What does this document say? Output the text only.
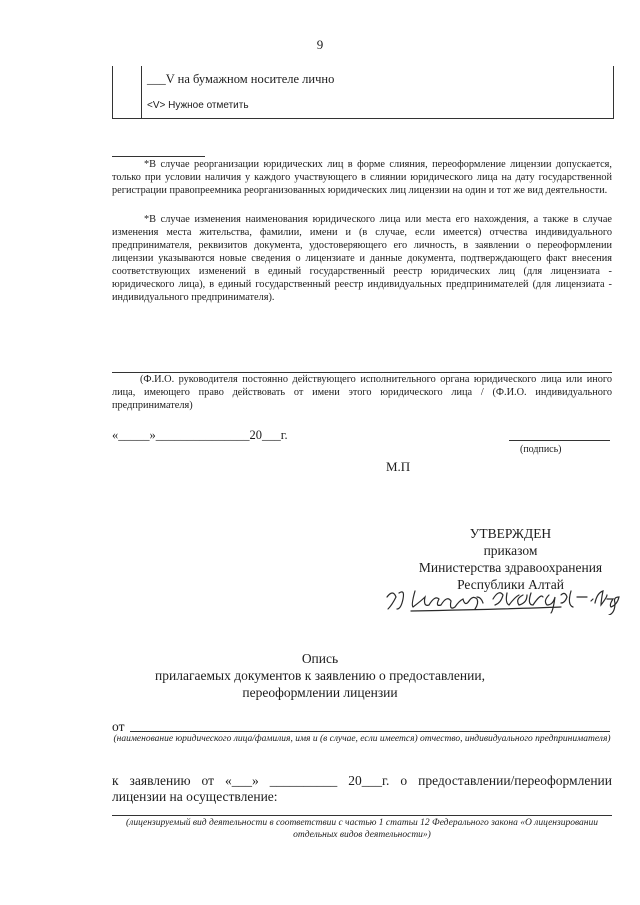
9
___V на бумажном носителе лично
<V> Нужное отметить
*В случае реорганизации юридических лиц в форме слияния, переоформление лицензии допускается, только при условии наличия у каждого участвующего в слиянии юридического лица на дату государственной регистрации правопреемника реорганизованных юридических лиц лицензии на один и тот же вид деятельности.
*В случае изменения наименования юридического лица или места его нахождения, а также в случае изменения места жительства, фамилии, имени и (в случае, если имеется) отчества индивидуального предпринимателя, реквизитов документа, удостоверяющего его личность, в заявлении о переоформлении лицензии указываются новые сведения о лицензиате и данные документа, подтверждающего факт внесения соответствующих изменений в единый государственный реестр юридических лиц (для лицензиата - юридического лица), в единый государственный реестр индивидуальных предпринимателей (для лицензиата - индивидуального предпринимателя).
(Ф.И.О. руководителя постоянно действующего исполнительного органа юридического лица или иного лица, имеющего право действовать от имени этого юридического лица / (Ф.И.О. индивидуального предпринимателя)
«_____»_______________20___г.
(подпись)
М.П
УТВЕРЖДЕН
приказом
Министерства здравоохранения
Республики Алтай
Опись
прилагаемых документов к заявлению о предоставлении,
переоформлении лицензии
от
(наименование юридического лица/фамилия, имя и (в случае, если имеется) отчество, индивидуального предпринимателя)
к заявлению от «___» __________ 20___г. о предоставлении/переоформлении лицензии на осуществление:
(лицензируемый вид деятельности в соответствии с частью 1 статьи 12 Федерального закона «О лицензировании отдельных видов деятельности»)
